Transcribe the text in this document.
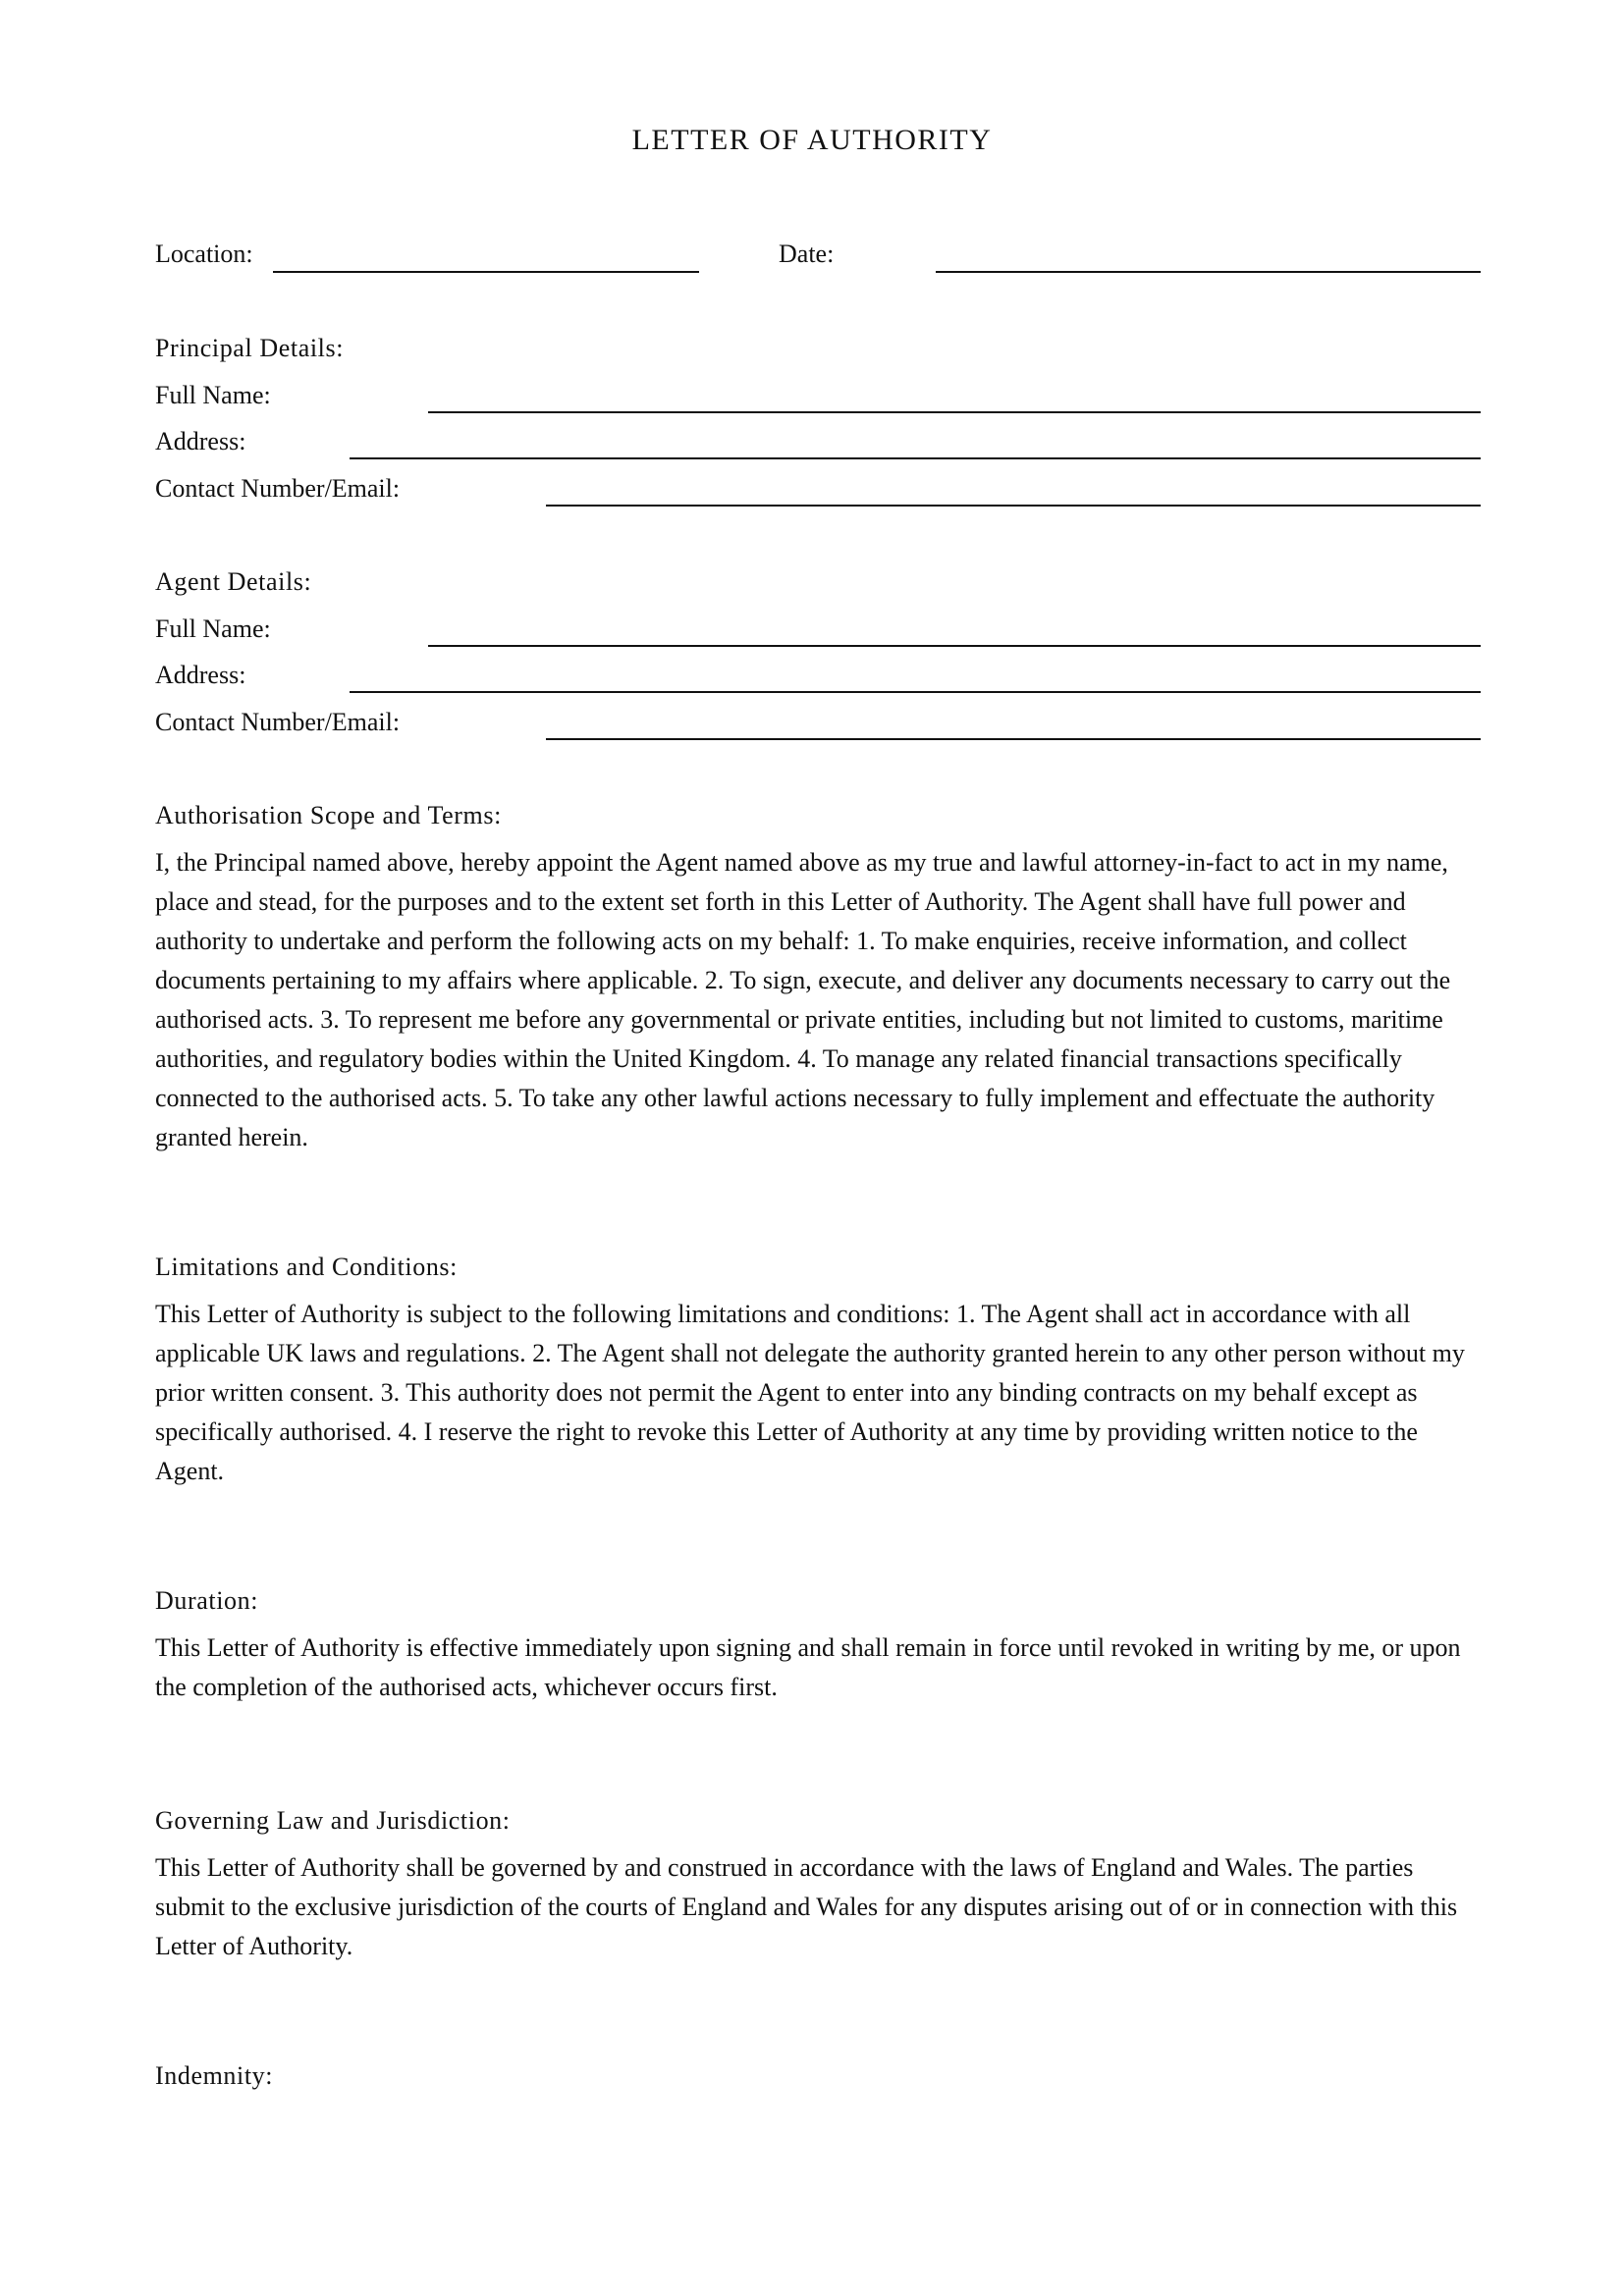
LETTER OF AUTHORITY
Location:	Date:
Principal Details:
Full Name:
Address:
Contact Number/Email:
Agent Details:
Full Name:
Address:
Contact Number/Email:
Authorisation Scope and Terms:

I, the Principal named above, hereby appoint the Agent named above as my true and lawful attorney-in-fact to act in my name, place and stead, for the purposes and to the extent set forth in this Letter of Authority. The Agent shall have full power and authority to undertake and perform the following acts on my behalf: 1. To make enquiries, receive information, and collect documents pertaining to my affairs where applicable. 2. To sign, execute, and deliver any documents necessary to carry out the authorised acts. 3. To represent me before any governmental or private entities, including but not limited to customs, maritime authorities, and regulatory bodies within the United Kingdom. 4. To manage any related financial transactions specifically connected to the authorised acts. 5. To take any other lawful actions necessary to fully implement and effectuate the authority granted herein.

Limitations and Conditions:

This Letter of Authority is subject to the following limitations and conditions: 1. The Agent shall act in accordance with all applicable UK laws and regulations. 2. The Agent shall not delegate the authority granted herein to any other person without my prior written consent. 3. This authority does not permit the Agent to enter into any binding contracts on my behalf except as specifically authorised. 4. I reserve the right to revoke this Letter of Authority at any time by providing written notice to the Agent.

Duration:

This Letter of Authority is effective immediately upon signing and shall remain in force until revoked in writing by me, or upon the completion of the authorised acts, whichever occurs first.

Governing Law and Jurisdiction:

This Letter of Authority shall be governed by and construed in accordance with the laws of England and Wales. The parties submit to the exclusive jurisdiction of the courts of England and Wales for any disputes arising out of or in connection with this Letter of Authority.

Indemnity:
